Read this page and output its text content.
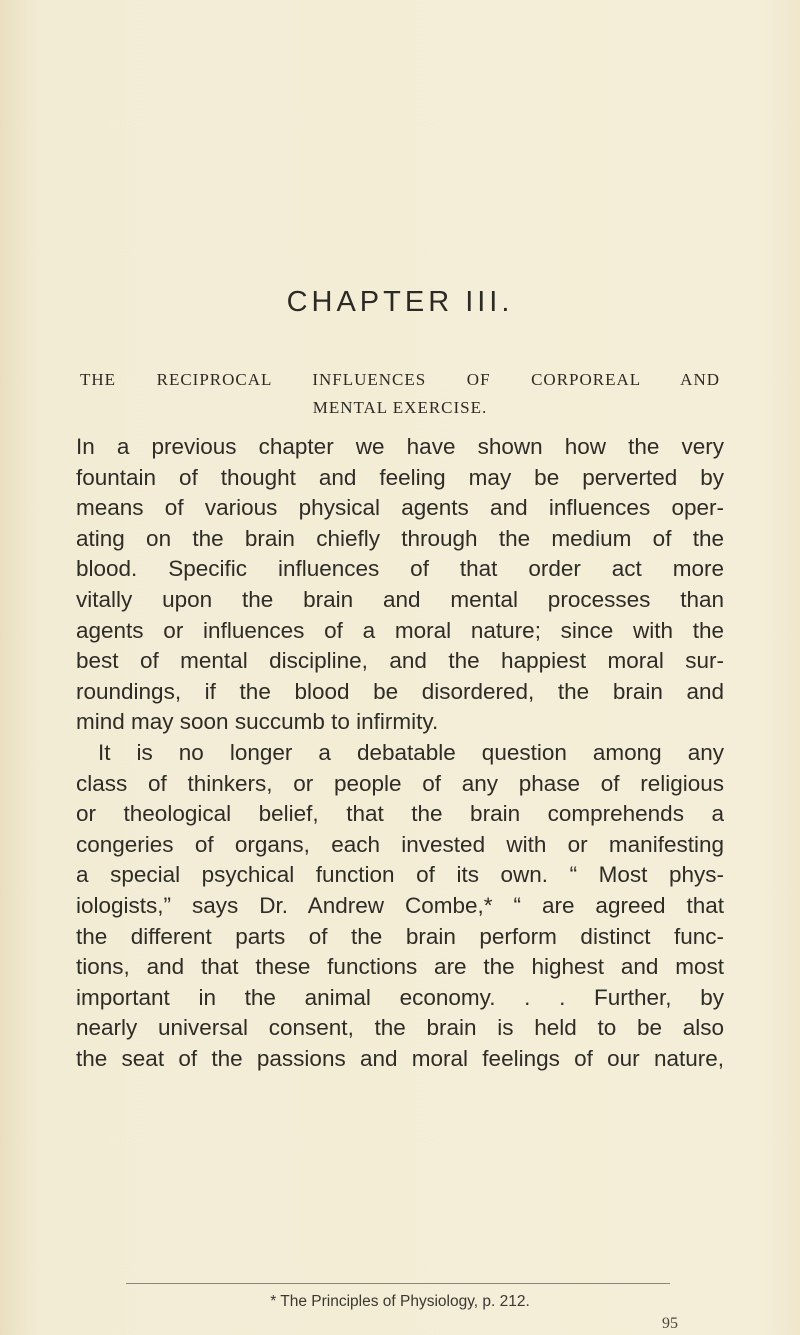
CHAPTER III.
THE RECIPROCAL INFLUENCES OF CORPOREAL AND
MENTAL EXERCISE.
In a previous chapter we have shown how the very
fountain of thought and feeling may be perverted by
means of various physical agents and influences oper-
ating on the brain chiefly through the medium of the
blood. Specific influences of that order act more
vitally upon the brain and mental processes than
agents or influences of a moral nature; since with the
best of mental discipline, and the happiest moral sur-
roundings, if the blood be disordered, the brain and
mind may soon succumb to infirmity.
It is no longer a debatable question among any
class of thinkers, or people of any phase of religious
or theological belief, that the brain comprehends a
congeries of organs, each invested with or manifesting
a special psychical function of its own. “ Most phys-
iologists,” says Dr. Andrew Combe,* “ are agreed that
the different parts of the brain perform distinct func-
tions, and that these functions are the highest and most
important in the animal economy. . . Further, by
nearly universal consent, the brain is held to be also
the seat of the passions and moral feelings of our nature,
* The Principles of Physiology, p. 212.
95
